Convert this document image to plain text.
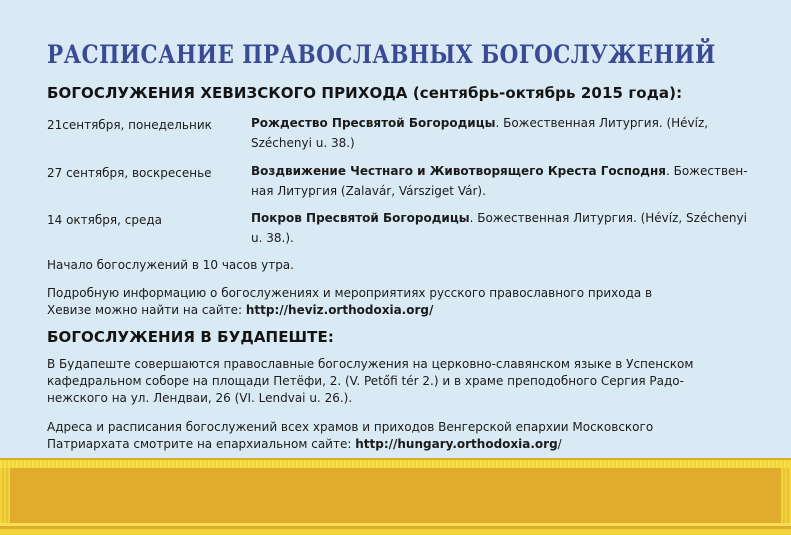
РАСПИСАНИЕ ПРАВОСЛАВНЫХ БОГОСЛУЖЕНИЙ
БОГОСЛУЖЕНИЯ ХЕВИЗСКОГО ПРИХОДА (сентябрь-октябрь 2015 года):
21сентября, понедельник	Рождество Пресвятой Богородицы. Божественная Литургия. (Hévíz,
Széchenyi u. 38.)
27 сентября, воскресенье	Воздвижение Честнаго и Животворящего Креста Господня. Божествен-
ная Литургия (Zalavár, Vársziget Vár).
14 октября, среда	Покров Пресвятой Богородицы. Божественная Литургия. (Hévíz, Széchenyi
u. 38.).
Начало богослужений в 10 часов утра.
Подробную информацию о богослужениях и мероприятиях русского православного прихода в
Хевизе можно найти на сайте: http://heviz.orthodoxia.org/
БОГОСЛУЖЕНИЯ В БУДАПЕШТЕ:
В Будапеште совершаются православные богослужения на церковно-славянском языке в Успенском
кафедральном соборе на площади Петёфи, 2. (V. Petőfi tér 2.) и в храме преподобного Сергия Радо-
нежского на ул. Лендваи, 26 (VI. Lendvai u. 26.).
Адреса и расписания богослужений всех храмов и приходов Венгерской епархии Московского
Патриархата смотрите на епархиальном сайте: http://hungary.orthodoxia.org/
